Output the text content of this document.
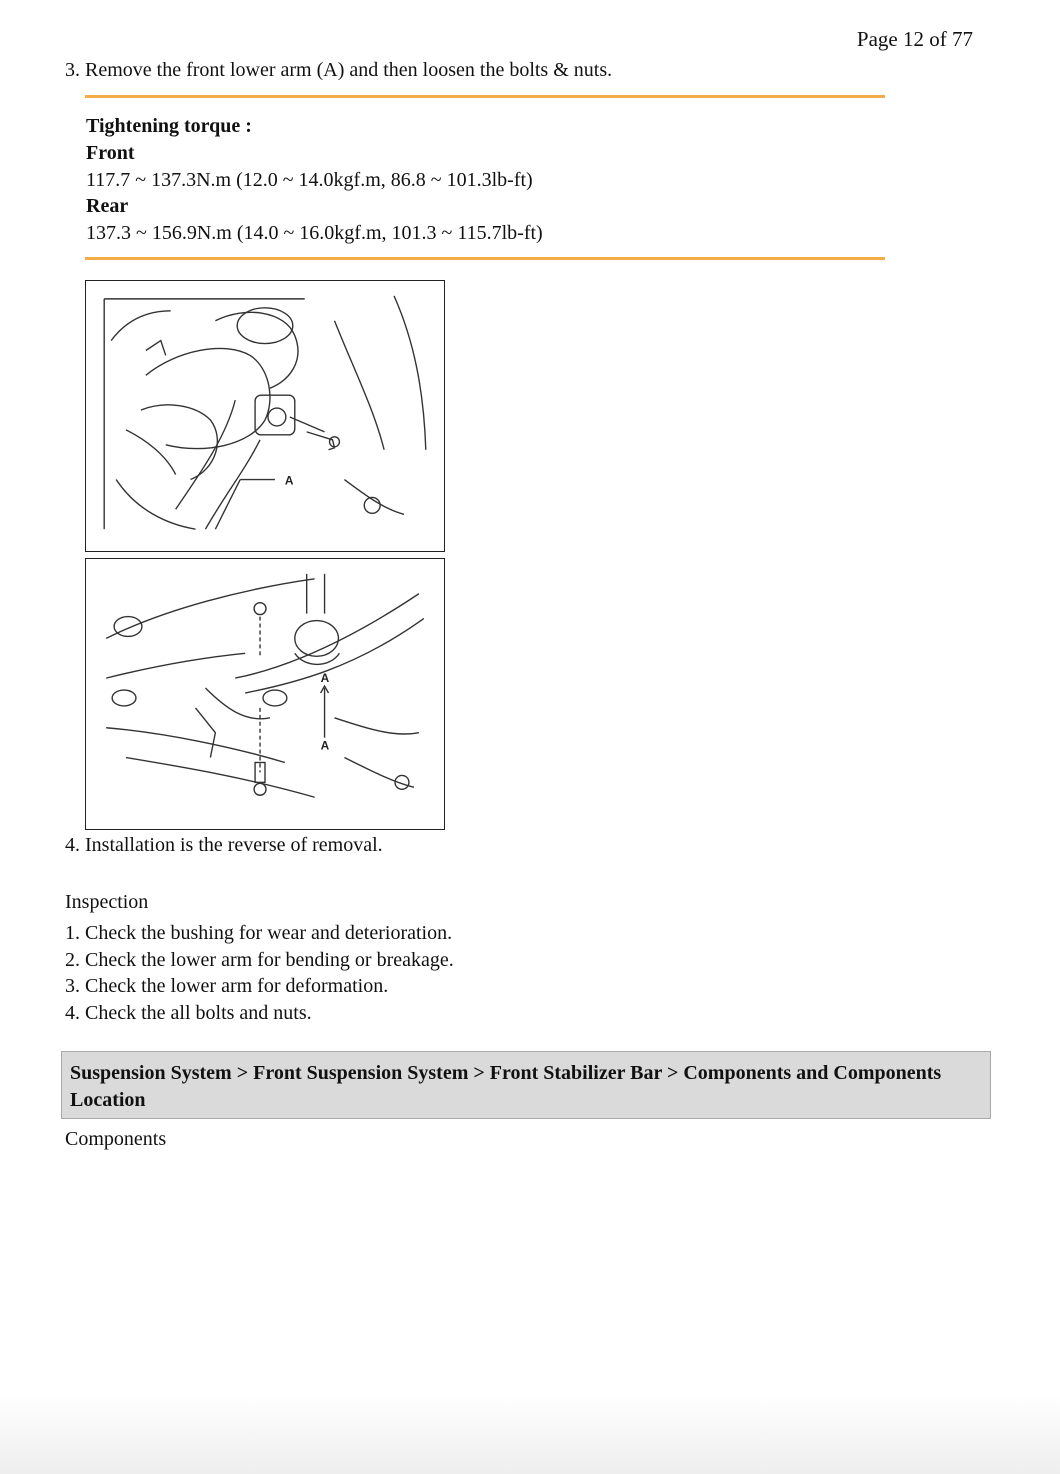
Page 12 of 77
3. Remove the front lower arm (A) and then loosen the bolts & nuts.
Tightening torque :
Front
117.7 ~ 137.3N.m (12.0 ~ 14.0kgf.m, 86.8 ~ 101.3lb-ft)
Rear
137.3 ~ 156.9N.m (14.0 ~ 16.0kgf.m, 101.3 ~ 115.7lb-ft)
A
A
A
4. Installation is the reverse of removal.
Inspection
1. Check the bushing for wear and deterioration.
2. Check the lower arm for bending or breakage.
3. Check the lower arm for deformation.
4. Check the all bolts and nuts.
Suspension System > Front Suspension System > Front Stabilizer Bar > Components and Components Location
Components
